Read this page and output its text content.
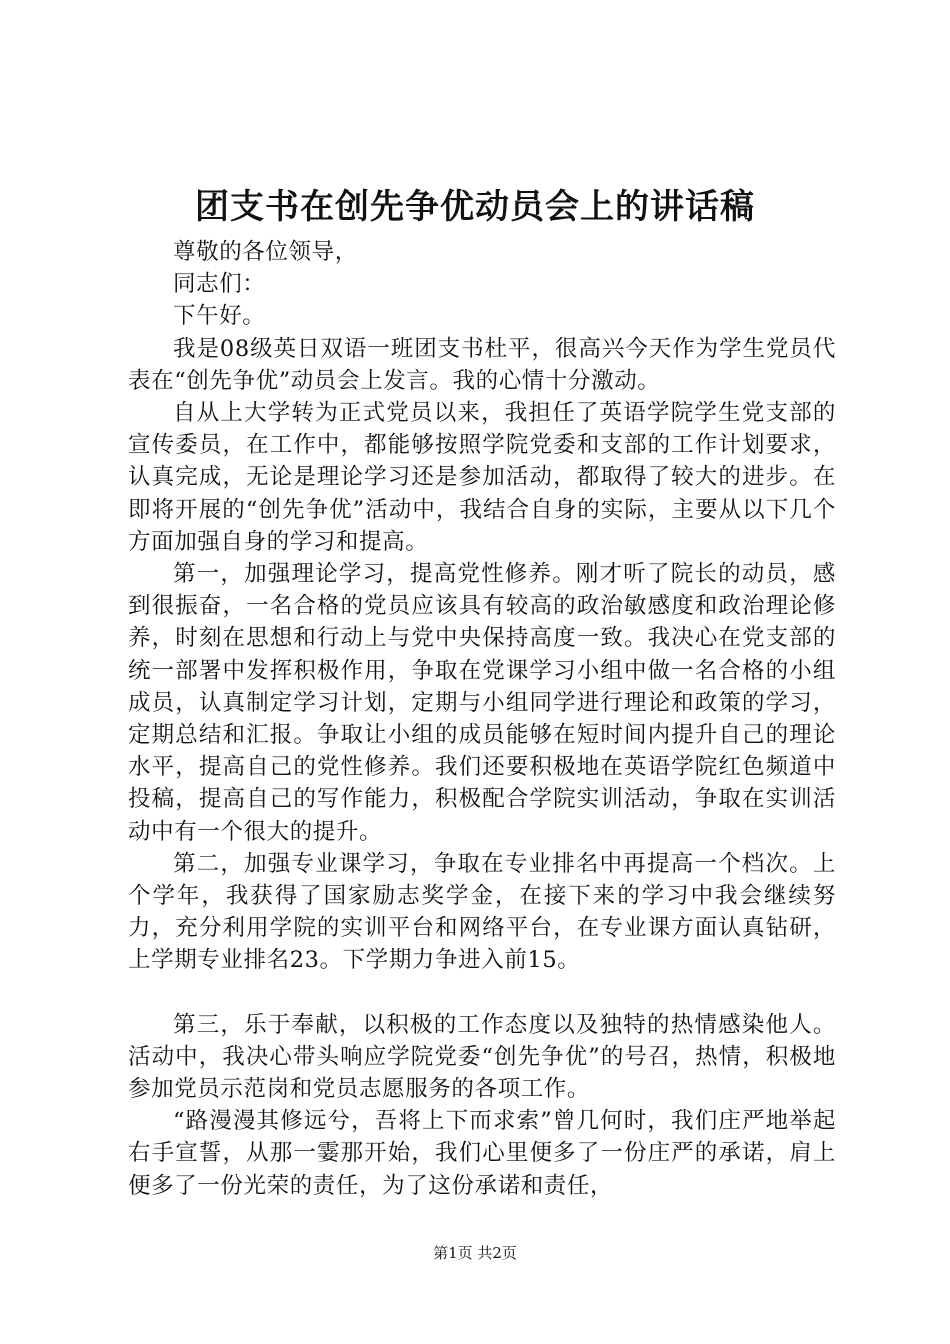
团支书在创先争优动员会上的讲话稿

尊敬的各位领导，

同志们：

下午好。

我是08级英日双语一班团支书杜平，很高兴今天作为学生党员代表在“创先争优”动员会上发言。我的心情十分激动。

自从上大学转为正式党员以来，我担任了英语学院学生党支部的宣传委员，在工作中，都能够按照学院党委和支部的工作计划要求，认真完成，无论是理论学习还是参加活动，都取得了较大的进步。在即将开展的“创先争优”活动中，我结合自身的实际，主要从以下几个方面加强自身的学习和提高。

第一，加强理论学习，提高党性修养。刚才听了院长的动员，感到很振奋，一名合格的党员应该具有较高的政治敏感度和政治理论修养，时刻在思想和行动上与党中央保持高度一致。我决心在党支部的统一部署中发挥积极作用，争取在党课学习小组中做一名合格的小组成员，认真制定学习计划，定期与小组同学进行理论和政策的学习，定期总结和汇报。争取让小组的成员能够在短时间内提升自己的理论水平，提高自己的党性修养。我们还要积极地在英语学院红色频道中投稿，提高自己的写作能力，积极配合学院实训活动，争取在实训活动中有一个很大的提升。

第二，加强专业课学习，争取在专业排名中再提高一个档次。上个学年，我获得了国家励志奖学金，在接下来的学习中我会继续努力，充分利用学院的实训平台和网络平台，在专业课方面认真钻研，上学期专业排名23。下学期力争进入前15。

第三，乐于奉献，以积极的工作态度以及独特的热情感染他人。活动中，我决心带头响应学院党委“创先争优”的号召，热情，积极地参加党员示范岗和党员志愿服务的各项工作。

“路漫漫其修远兮，吾将上下而求索”曾几何时，我们庄严地举起右手宣誓，从那一霎那开始，我们心里便多了一份庄严的承诺，肩上便多了一份光荣的责任，为了这份承诺和责任，

第1页 共2页
